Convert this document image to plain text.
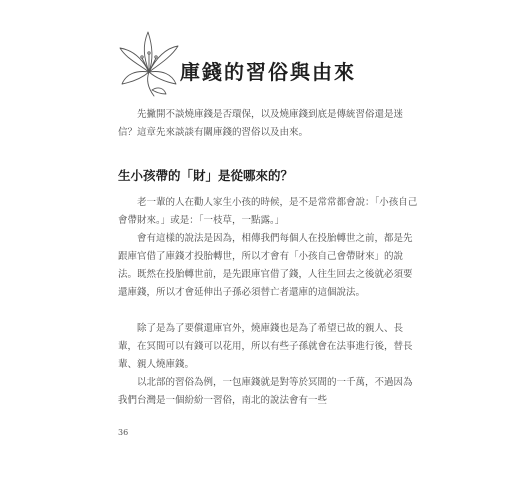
庫錢的習俗與由來

先撇開不談燒庫錢是否環保，以及燒庫錢到底是傳統習俗還是迷信？這章先來談談有關庫錢的習俗以及由來。

生小孩帶的「財」是從哪來的？

老一輩的人在勸人家生小孩的時候，是不是常常都會說：「小孩自己會帶財來。」或是：「一枝草，一點露。」

會有這樣的說法是因為，相傳我們每個人在投胎轉世之前，都是先跟庫官借了庫錢才投胎轉世，所以才會有「小孩自己會帶財來」的說法。既然在投胎轉世前，是先跟庫官借了錢，人往生回去之後就必須要還庫錢，所以才會延伸出子孫必須替亡者還庫的這個說法。

除了是為了要償還庫官外，燒庫錢也是為了希望已故的親人、長輩，在冥間可以有錢可以花用，所以有些子孫就會在法事進行後，替長輩、親人燒庫錢。

以北部的習俗為例，一包庫錢就是對等於冥間的一千萬，不過因為我們台灣是一個紛紛一習俗，南北的說法會有一些

36
